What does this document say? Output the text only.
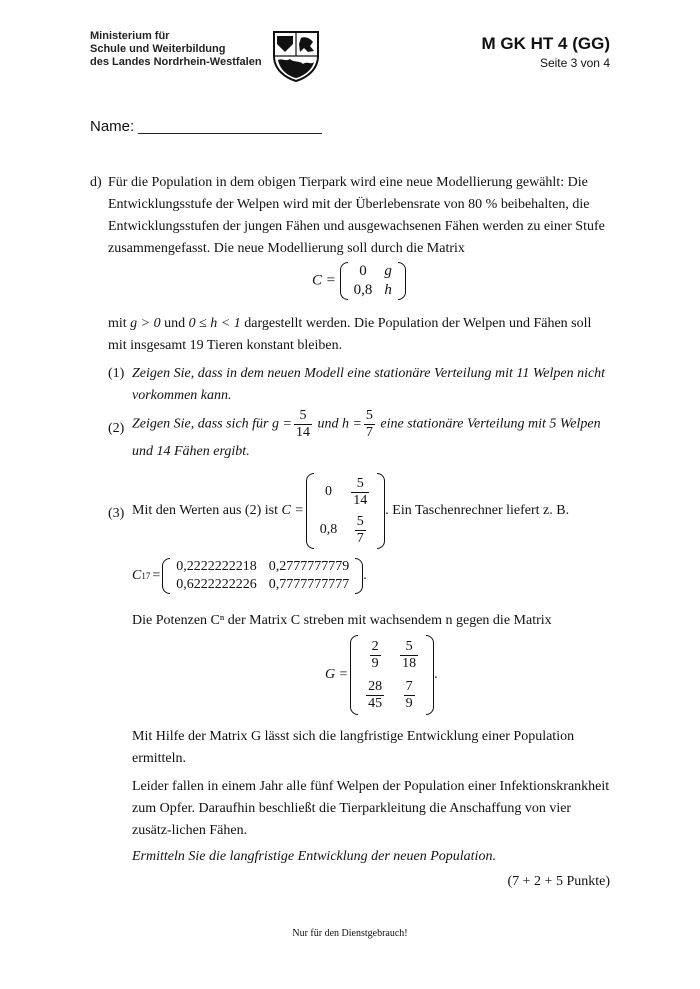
Ministerium für
Schule und Weiterbildung
des Landes Nordrhein-Westfalen
M GK HT 4 (GG)
Seite 3 von 4
Name: ______________________
d) Für die Population in dem obigen Tierpark wird eine neue Modellierung gewählt: Die Entwicklungsstufe der Welpen wird mit der Überlebensrate von 80 % beibehalten, die Entwicklungsstufen der jungen Fähen und ausgewachsenen Fähen werden zu einer Stufe zusammengefasst. Die neue Modellierung soll durch die Matrix
C =
0	g
0,8	h
mit g > 0 und 0 ≤ h < 1 dargestellt werden. Die Population der Welpen und Fähen soll mit insgesamt 19 Tieren konstant bleiben.
(1) Zeigen Sie, dass in dem neuen Modell eine stationäre Verteilung mit 11 Welpen nicht vorkommen kann.
(2) Zeigen Sie, dass sich für $g = \frac{5}{14}$ und $h = \frac{5}{7}$ eine stationäre Verteilung mit 5 Welpen und 14 Fähen ergibt.
(3) Mit den Werten aus (2) ist
C =
0	$\frac{5}{14}$

0,8	$\frac{5}{7}$
. Ein Taschenrechner liefert z. B.
C 17 =
0,2222222218	0,2777777779
0,6222222226	0,7777777777
.
Die Potenzen Cⁿ der Matrix C streben mit wachsendem n gegen die Matrix
G =
$\frac{2}{9}$	$\frac{5}{18}$

$\frac{28}{45}$	$\frac{7}{9}$
.
Mit Hilfe der Matrix G lässt sich die langfristige Entwicklung einer Population ermitteln.
Leider fallen in einem Jahr alle fünf Welpen der Population einer Infektionskrankheit zum Opfer. Daraufhin beschließt die Tierparkleitung die Anschaffung von vier zusätz-lichen Fähen.
Ermitteln Sie die langfristige Entwicklung der neuen Population.
(7 + 2 + 5 Punkte)
Nur für den Dienstgebrauch!
